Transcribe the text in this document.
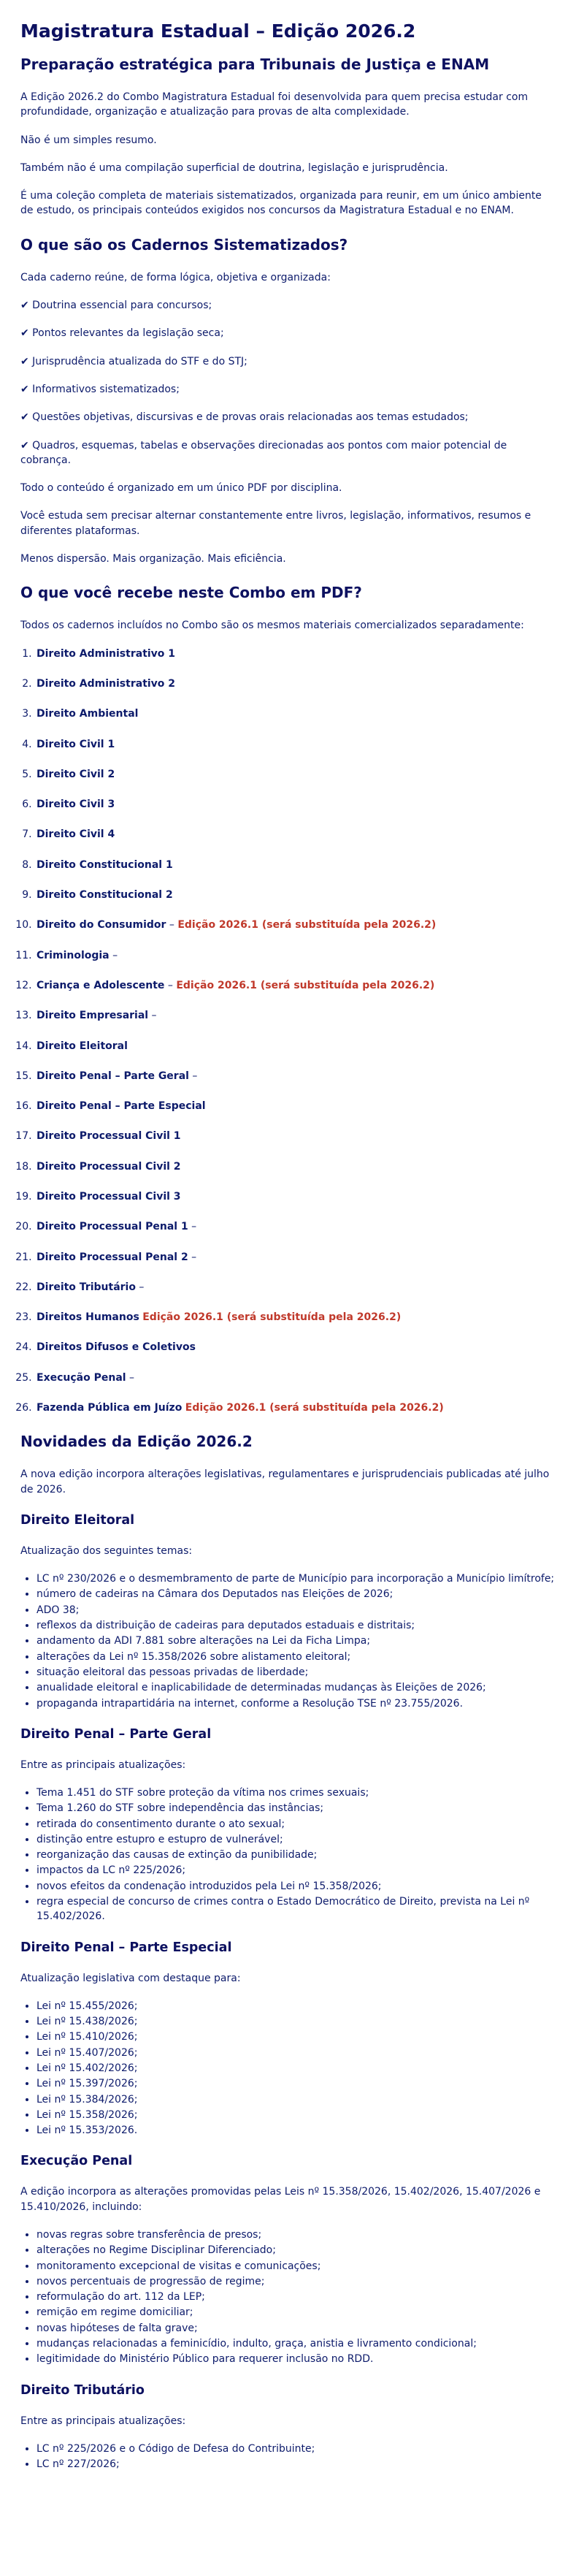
Magistratura Estadual – Edição 2026.2
Preparação estratégica para Tribunais de Justiça e ENAM

A Edição 2026.2 do Combo Magistratura Estadual foi desenvolvida para quem precisa estudar com profundidade, organização e atualização para provas de alta complexidade.

Não é um simples resumo.

Também não é uma compilação superficial de doutrina, legislação e jurisprudência.

É uma coleção completa de materiais sistematizados, organizada para reunir, em um único ambiente de estudo, os principais conteúdos exigidos nos concursos da Magistratura Estadual e no ENAM.

O que são os Cadernos Sistematizados?

Cada caderno reúne, de forma lógica, objetiva e organizada:

✔ Doutrina essencial para concursos;

✔ Pontos relevantes da legislação seca;

✔ Jurisprudência atualizada do STF e do STJ;

✔ Informativos sistematizados;

✔ Questões objetivas, discursivas e de provas orais relacionadas aos temas estudados;

✔ Quadros, esquemas, tabelas e observações direcionadas aos pontos com maior potencial de cobrança.

Todo o conteúdo é organizado em um único PDF por disciplina.

Você estuda sem precisar alternar constantemente entre livros, legislação, informativos, resumos e diferentes plataformas.

Menos dispersão. Mais organização. Mais eficiência.

O que você recebe neste Combo em PDF?

Todos os cadernos incluídos no Combo são os mesmos materiais comercializados separadamente:

1. Direito Administrativo 1
2. Direito Administrativo 2
3. Direito Ambiental
4. Direito Civil 1
5. Direito Civil 2
6. Direito Civil 3
7. Direito Civil 4
8. Direito Constitucional 1
9. Direito Constitucional 2
10. Direito do Consumidor – Edição 2026.1 (será substituída pela 2026.2)
11. Criminologia –
12. Criança e Adolescente – Edição 2026.1 (será substituída pela 2026.2)
13. Direito Empresarial –
14. Direito Eleitoral
15. Direito Penal – Parte Geral –
16. Direito Penal – Parte Especial
17. Direito Processual Civil 1
18. Direito Processual Civil 2
19. Direito Processual Civil 3
20. Direito Processual Penal 1 –
21. Direito Processual Penal 2 –
22. Direito Tributário –
23. Direitos Humanos Edição 2026.1 (será substituída pela 2026.2)
24. Direitos Difusos e Coletivos
25. Execução Penal –
26. Fazenda Pública em Juízo Edição 2026.1 (será substituída pela 2026.2)
Novidades da Edição 2026.2

A nova edição incorpora alterações legislativas, regulamentares e jurisprudenciais publicadas até julho de 2026.

Direito Eleitoral

Atualização dos seguintes temas:

• LC nº 230/2026 e o desmembramento de parte de Município para incorporação a Município limítrofe;
• número de cadeiras na Câmara dos Deputados nas Eleições de 2026;
• ADO 38;
• reflexos da distribuição de cadeiras para deputados estaduais e distritais;
• andamento da ADI 7.881 sobre alterações na Lei da Ficha Limpa;
• alterações da Lei nº 15.358/2026 sobre alistamento eleitoral;
• situação eleitoral das pessoas privadas de liberdade;
• anualidade eleitoral e inaplicabilidade de determinadas mudanças às Eleições de 2026;
• propaganda intrapartidária na internet, conforme a Resolução TSE nº 23.755/2026.
Direito Penal – Parte Geral

Entre as principais atualizações:

• Tema 1.451 do STF sobre proteção da vítima nos crimes sexuais;
• Tema 1.260 do STF sobre independência das instâncias;
• retirada do consentimento durante o ato sexual;
• distinção entre estupro e estupro de vulnerável;
• reorganização das causas de extinção da punibilidade;
• impactos da LC nº 225/2026;
• novos efeitos da condenação introduzidos pela Lei nº 15.358/2026;
• regra especial de concurso de crimes contra o Estado Democrático de Direito, prevista na Lei nº 15.402/2026.
Direito Penal – Parte Especial

Atualização legislativa com destaque para:

• Lei nº 15.455/2026;
• Lei nº 15.438/2026;
• Lei nº 15.410/2026;
• Lei nº 15.407/2026;
• Lei nº 15.402/2026;
• Lei nº 15.397/2026;
• Lei nº 15.384/2026;
• Lei nº 15.358/2026;
• Lei nº 15.353/2026.
Execução Penal

A edição incorpora as alterações promovidas pelas Leis nº 15.358/2026, 15.402/2026, 15.407/2026 e 15.410/2026, incluindo:

• novas regras sobre transferência de presos;
• alterações no Regime Disciplinar Diferenciado;
• monitoramento excepcional de visitas e comunicações;
• novos percentuais de progressão de regime;
• reformulação do art. 112 da LEP;
• remição em regime domiciliar;
• novas hipóteses de falta grave;
• mudanças relacionadas a feminicídio, indulto, graça, anistia e livramento condicional;
• legitimidade do Ministério Público para requerer inclusão no RDD.
Direito Tributário

Entre as principais atualizações:

• LC nº 225/2026 e o Código de Defesa do Contribuinte;
• LC nº 227/2026;
